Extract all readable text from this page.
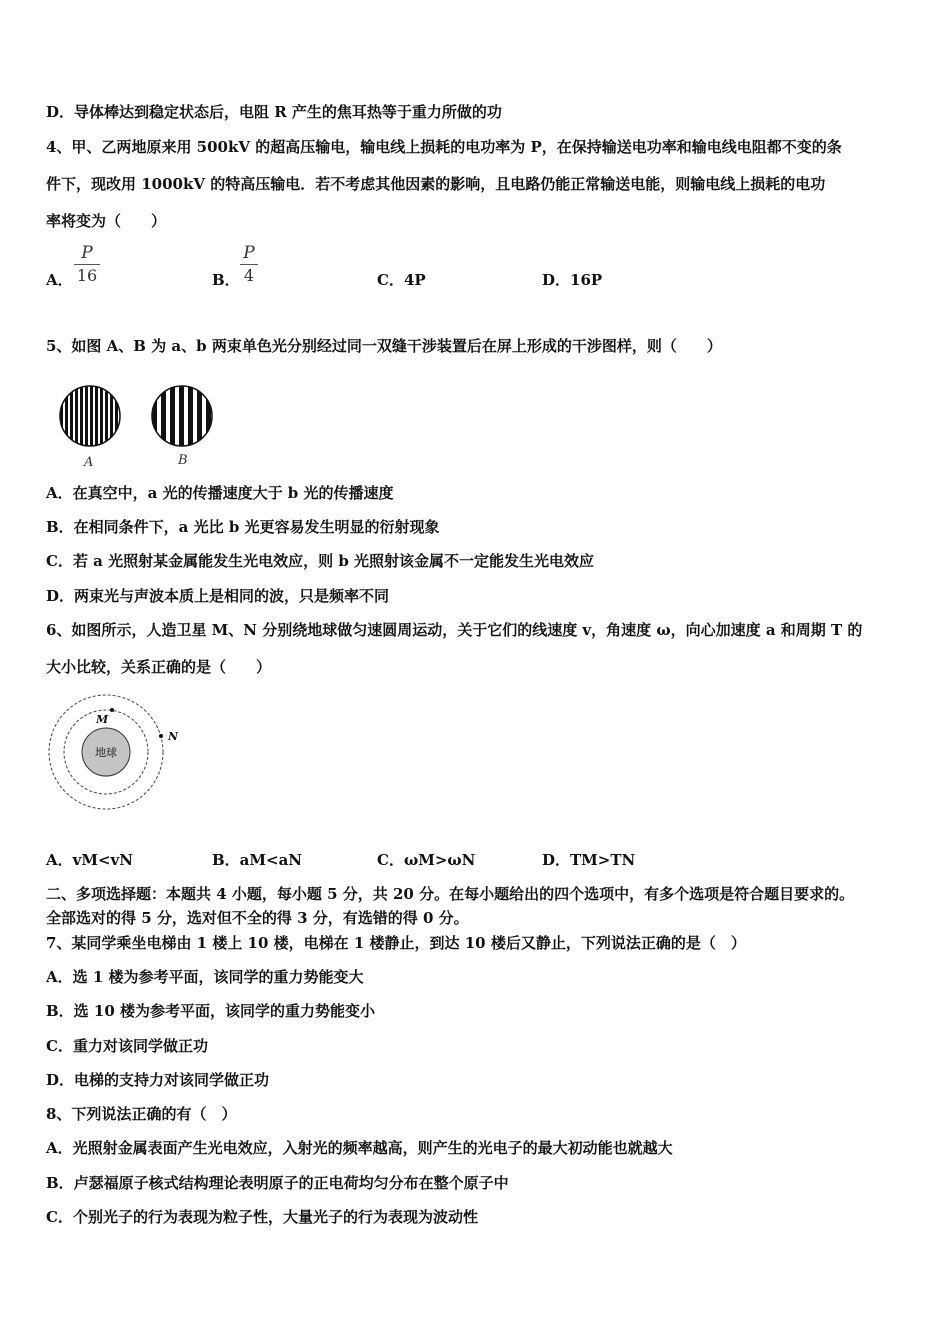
D．导体棒达到稳定状态后，电阻 R 产生的焦耳热等于重力所做的功
4、甲、乙两地原来用 500kV 的超高压输电，输电线上损耗的电功率为 P，在保持输送电功率和输电线电阻都不变的条
件下，现改用 1000kV 的特高压输电．若不考虑其他因素的影响，且电路仍能正常输送电能，则输电线上损耗的电功
率将变为（　　）
A．
P
16	B．
P
4	C．4P	D．16P
5、如图 A、B 为 a、b 两束单色光分别经过同一双缝干涉装置后在屏上形成的干涉图样，则（　　）
A	B
A．在真空中，a 光的传播速度大于 b 光的传播速度
B．在相同条件下，a 光比 b 光更容易发生明显的衍射现象
C．若 a 光照射某金属能发生光电效应，则 b 光照射该金属不一定能发生光电效应
D．两束光与声波本质上是相同的波，只是频率不同
6、如图所示，人造卫星 M、N 分别绕地球做匀速圆周运动，关于它们的线速度 v，角速度 ω，向心加速度 a 和周期 T 的
大小比较，关系正确的是（　　）
地球
M
N
A．vM<vN	B．aM<aN	C．ωM>ωN	D．TM>TN
二、多项选择题：本题共 4 小题，每小题 5 分，共 20 分。在每小题给出的四个选项中，有多个选项是符合题目要求的。
全部选对的得 5 分，选对但不全的得 3 分，有选错的得 0 分。
7、某同学乘坐电梯由 1 楼上 10 楼，电梯在 1 楼静止，到达 10 楼后又静止，下列说法正确的是（　）
A．选 1 楼为参考平面，该同学的重力势能变大
B．选 10 楼为参考平面，该同学的重力势能变小
C．重力对该同学做正功
D．电梯的支持力对该同学做正功
8、下列说法正确的有（　）
A．光照射金属表面产生光电效应，入射光的频率越高，则产生的光电子的最大初动能也就越大
B．卢瑟福原子核式结构理论表明原子的正电荷均匀分布在整个原子中
C．个别光子的行为表现为粒子性，大量光子的行为表现为波动性
